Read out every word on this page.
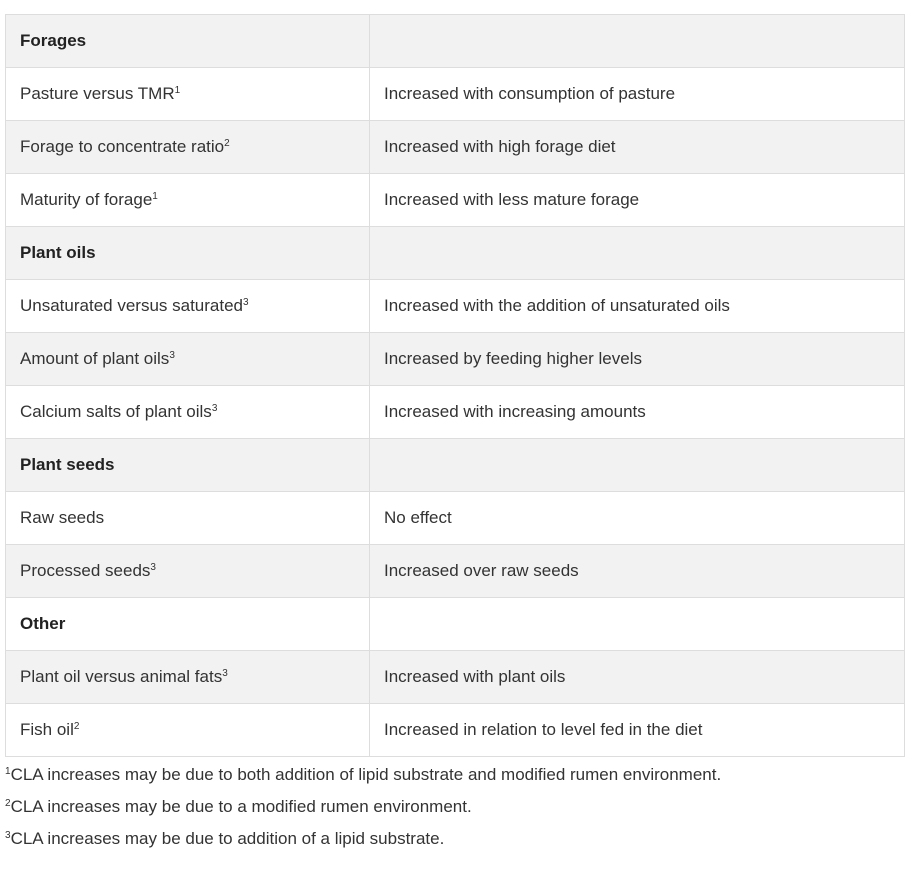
Forages	
Pasture versus TMR$^1$	Increased with consumption of pasture
Forage to concentrate ratio$^2$	Increased with high forage diet
Maturity of forage$^1$	Increased with less mature forage
Plant oils	
Unsaturated versus saturated$^3$	Increased with the addition of unsaturated oils
Amount of plant oils$^3$	Increased by feeding higher levels
Calcium salts of plant oils$^3$	Increased with increasing amounts
Plant seeds	
Raw seeds	No effect
Processed seeds$^3$	Increased over raw seeds
Other	
Plant oil versus animal fats$^3$	Increased with plant oils
Fish oil$^2$	Increased in relation to level fed in the diet
$^1$CLA increases may be due to both addition of lipid substrate and modified rumen environment.
$^2$CLA increases may be due to a modified rumen environment.
$^3$CLA increases may be due to addition of a lipid substrate.
